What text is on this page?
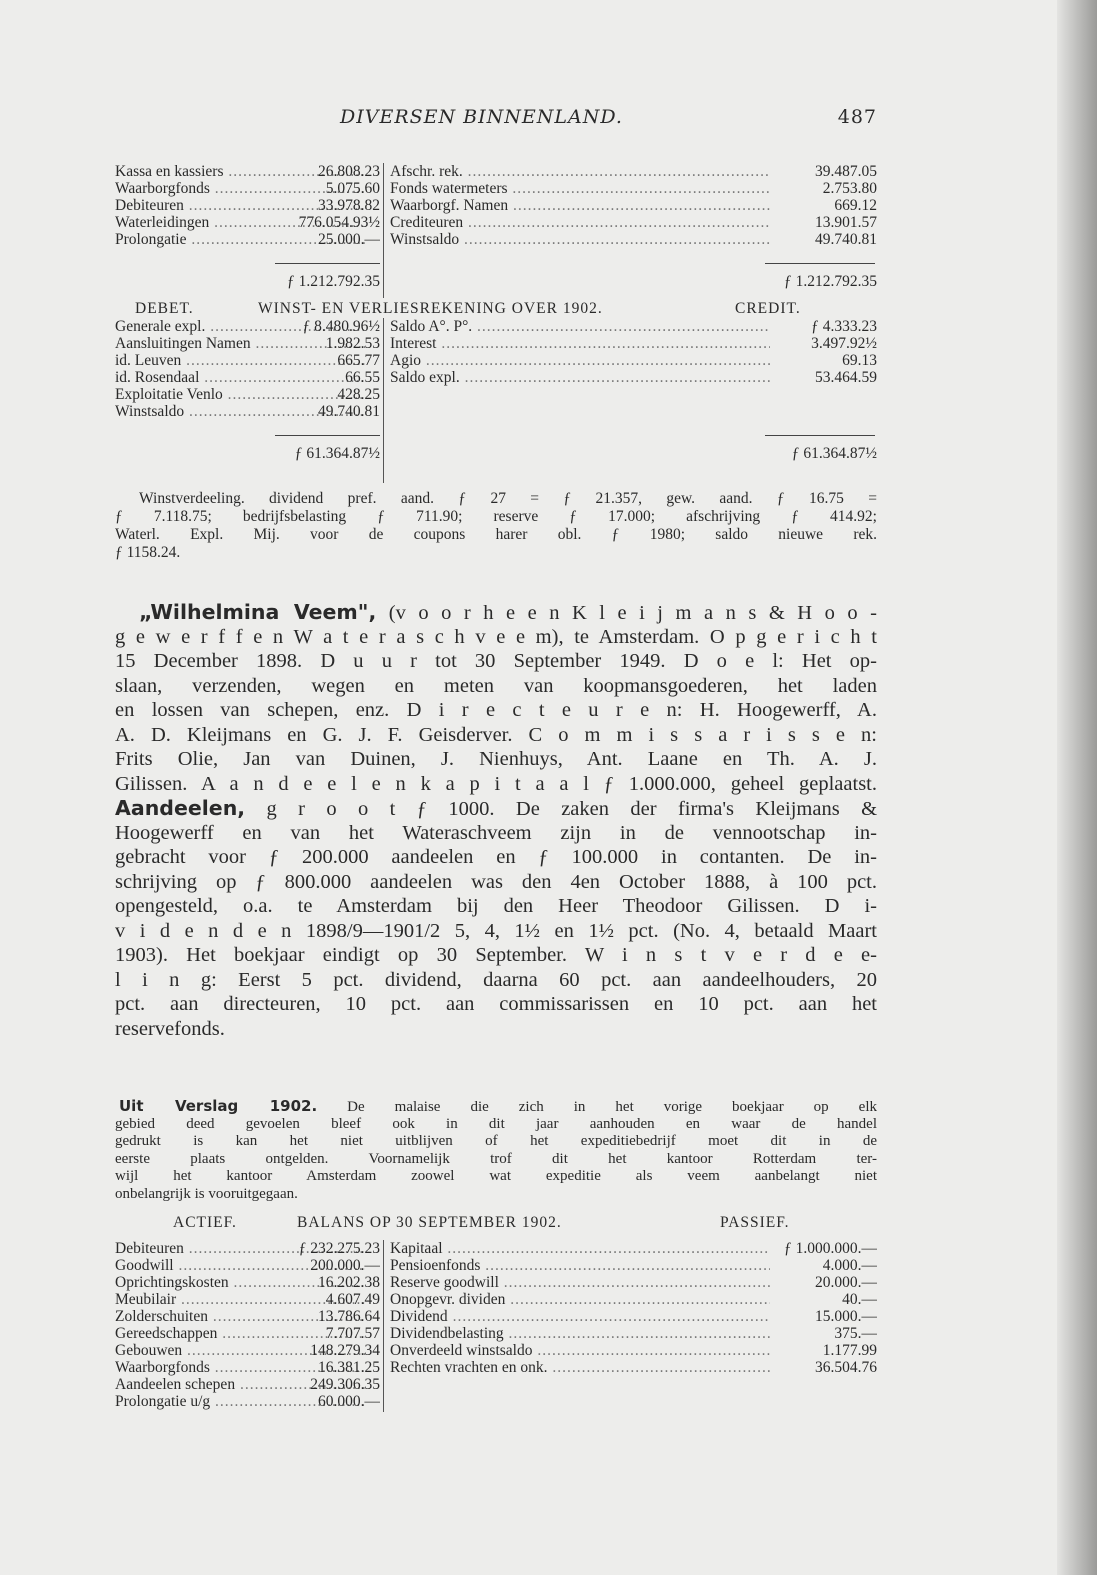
DIVERSEN BINNENLAND.	487
Kassa en kassiers .....	26.808.23 Afschr. rek. .....	39.487.05
Waarborgfonds .....	5.075.60 Fonds watermeters .....	2.753.80
Debiteuren .....	33.978.82 Waarborgf. Namen .....	669.12
Waterleidingen .....	776.054.93½ Crediteuren .....	13.901.57
Prolongatie .....	25.000.— Winstsaldo .....	49.740.81
ƒ 1.212.792.35	ƒ 1.212.792.35
DEBET.	WINST- EN VERLIESREKENING OVER 1902.	CREDIT.
Generale expl. .....	ƒ 8.480.96½ Saldo A°. P°. .....	ƒ 4.333.23
Aansluitingen Namen .....	1.982.53 Interest .....	3.497.92½
id. Leuven .....	665.77 Agio .....	69.13
id. Rosendaal .....	66.55 Saldo expl. .....	53.464.59
Exploitatie Venlo .....	428.25
Winstsaldo .....	49.740.81
ƒ 61.364.87½	ƒ 61.364.87½
Winstverdeeling. dividend pref. aand. ƒ 27 = ƒ 21.357, gew. aand. ƒ 16.75 =
ƒ 7.118.75; bedrijfsbelasting ƒ 711.90; reserve ƒ 17.000; afschrijving ƒ 414.92;
Waterl. Expl. Mij. voor de coupons harer obl. ƒ 1980; saldo nieuwe rek.
ƒ 1158.24.
„Wilhelmina Veem", (v o o r h e e n K l e i j m a n s & H o o -
g e w e r f f e n W a t e r a s c h v e e m), te Amsterdam. O p g e r i c h t
15 December 1898. D u u r tot 30 September 1949. D o e l: Het op-
slaan, verzenden, wegen en meten van koopmansgoederen, het laden
en lossen van schepen, enz. D i r e c t e u r e n: H. Hoogewerff, A.
A. D. Kleijmans en G. J. F. Geisderver. C o m m i s s a r i s s e n:
Frits Olie, Jan van Duinen, J. Nienhuys, Ant. Laane en Th. A. J.
Gilissen. A a n d e e l e n k a p i t a a l ƒ 1.000.000, geheel geplaatst.
Aandeelen, g r o o t ƒ 1000. De zaken der firma's Kleijmans &
Hoogewerff en van het Wateraschveem zijn in de vennootschap in-
gebracht voor ƒ 200.000 aandeelen en ƒ 100.000 in contanten. De in-
schrijving op ƒ 800.000 aandeelen was den 4en October 1888, à 100 pct.
opengesteld, o.a. te Amsterdam bij den Heer Theodoor Gilissen. D i-
v i d e n d e n 1898/9—1901/2 5, 4, 1½ en 1½ pct. (No. 4, betaald Maart
1903). Het boekjaar eindigt op 30 September. W i n s t v e r d e e-
l i n g: Eerst 5 pct. dividend, daarna 60 pct. aan aandeelhouders, 20
pct. aan directeuren, 10 pct. aan commissarissen en 10 pct. aan het
reservefonds.
Uit Verslag 1902. De malaise die zich in het vorige boekjaar op elk
gebied deed gevoelen bleef ook in dit jaar aanhouden en waar de handel
gedrukt is kan het niet uitblijven of het expeditiebedrijf moet dit in de
eerste plaats ontgelden. Voornamelijk trof dit het kantoor Rotterdam ter-
wijl het kantoor Amsterdam zoowel wat expeditie als veem aanbelangt niet
onbelangrijk is vooruitgegaan.
ACTIEF.	BALANS OP 30 SEPTEMBER 1902.	PASSIEF.
Debiteuren .....	ƒ 232.275.23 Kapitaal .....	ƒ 1.000.000.—
Goodwill .....	200.000.— Pensioenfonds .....	4.000.—
Oprichtingskosten .....	16.202.38 Reserve goodwill .....	20.000.—
Meubilair .....	4.607.49 Onopgevr. dividen .....	40.—
Zolderschuiten .....	13.786.64 Dividend .....	15.000.—
Gereedschappen .....	7.707.57 Dividendbelasting .....	375.—
Gebouwen .....	148.279.34 Onverdeeld winstsaldo .....	1.177.99
Waarborgfonds .....	16.381.25 Rechten vrachten en onk. .....	36.504.76
Aandeelen schepen .....	249.306.35
Prolongatie u/g .....	60.000.—
